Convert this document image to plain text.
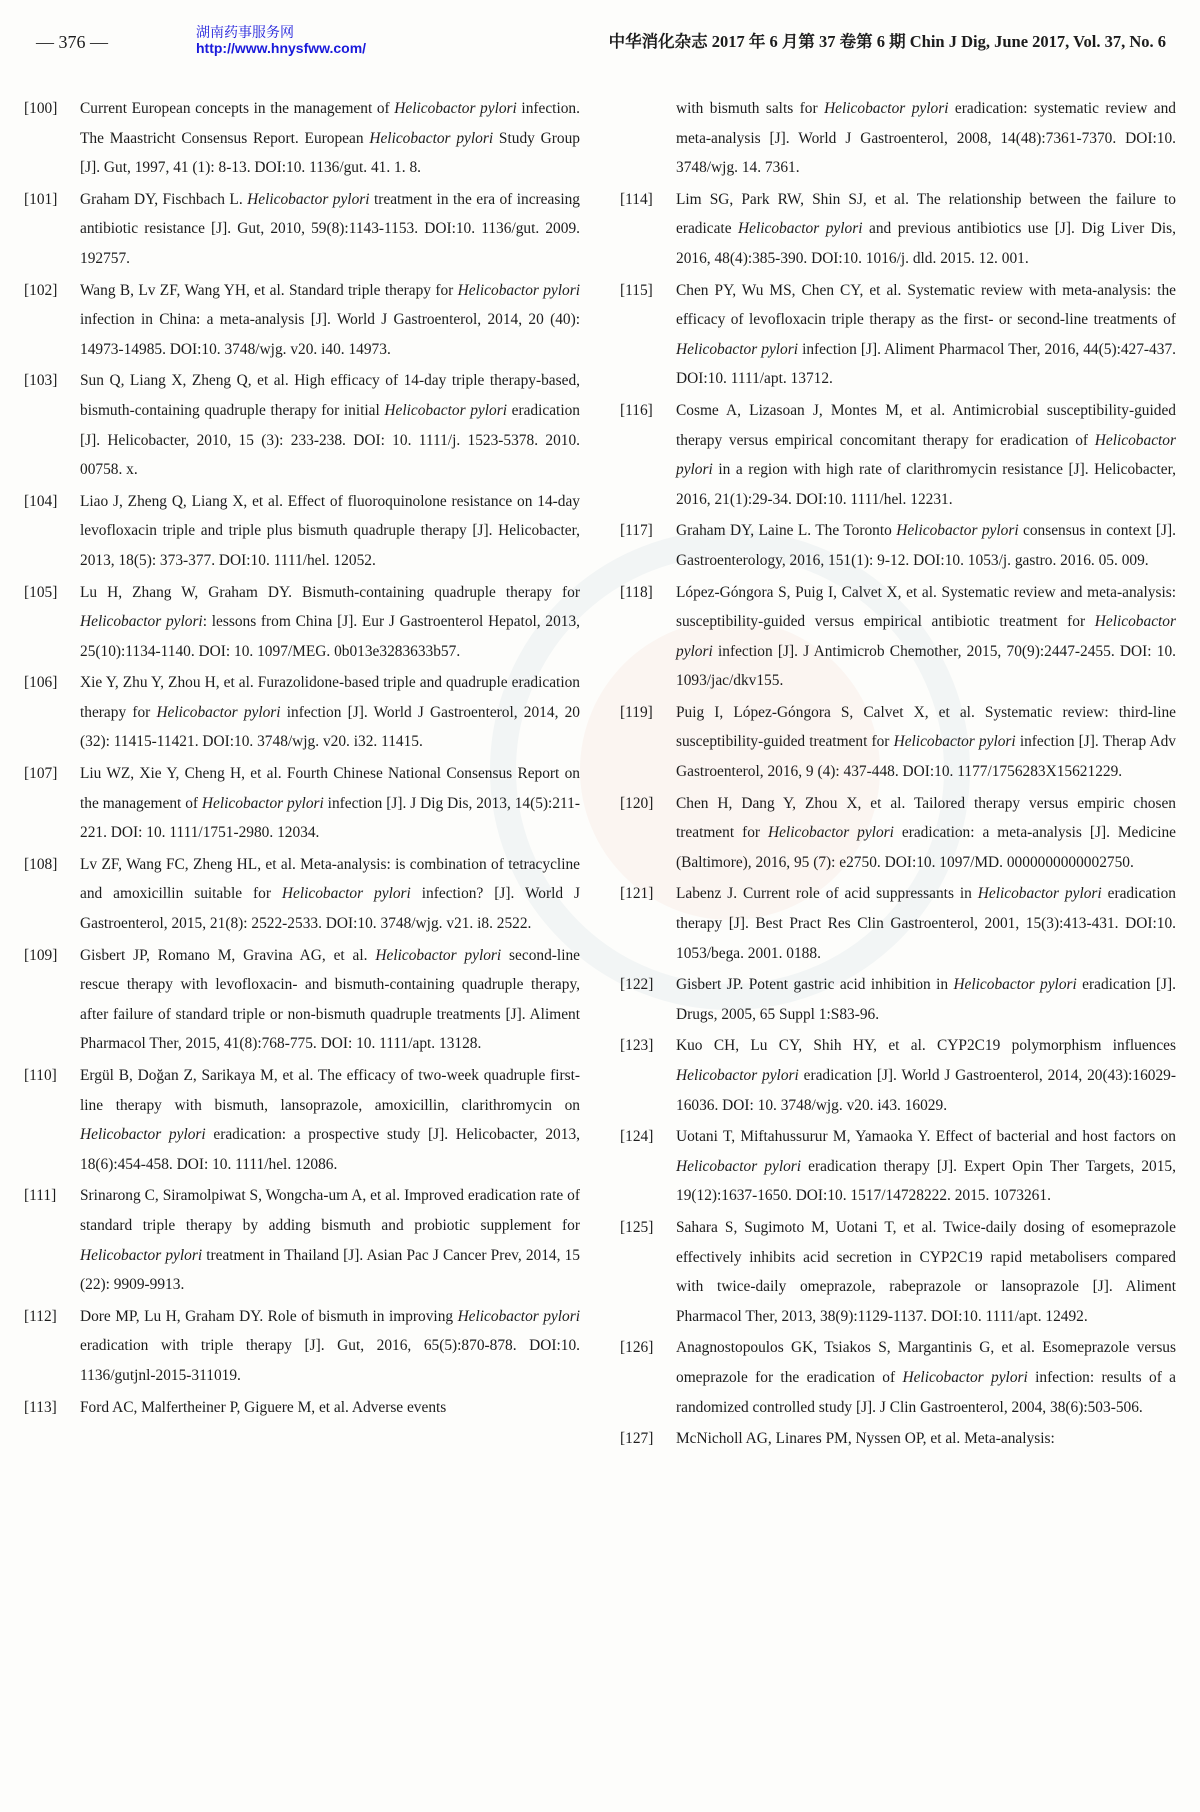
— 376 —	湖南药事服务网
http://www.hnysfww.com/	中华消化杂志 2017 年 6 月第 37 卷第 6 期 Chin J Dig, June 2017, Vol. 37, No. 6
[100] Current European concepts in the management of Helicobactor pylori infection. The Maastricht Consensus Report. European Helicobactor pylori Study Group [J]. Gut, 1997, 41 (1): 8-13. DOI:10. 1136/gut. 41. 1. 8.
[101] Graham DY, Fischbach L. Helicobactor pylori treatment in the era of increasing antibiotic resistance [J]. Gut, 2010, 59(8):1143-1153. DOI:10. 1136/gut. 2009. 192757.
[102] Wang B, Lv ZF, Wang YH, et al. Standard triple therapy for Helicobactor pylori infection in China: a meta-analysis [J]. World J Gastroenterol, 2014, 20 (40): 14973-14985. DOI:10. 3748/wjg. v20. i40. 14973.
[103] Sun Q, Liang X, Zheng Q, et al. High efficacy of 14-day triple therapy-based, bismuth-containing quadruple therapy for initial Helicobactor pylori eradication [J]. Helicobacter, 2010, 15 (3): 233-238. DOI: 10. 1111/j. 1523-5378. 2010. 00758. x.
[104] Liao J, Zheng Q, Liang X, et al. Effect of fluoroquinolone resistance on 14-day levofloxacin triple and triple plus bismuth quadruple therapy [J]. Helicobacter, 2013, 18(5): 373-377. DOI:10. 1111/hel. 12052.
[105] Lu H, Zhang W, Graham DY. Bismuth-containing quadruple therapy for Helicobactor pylori: lessons from China [J]. Eur J Gastroenterol Hepatol, 2013, 25(10):1134-1140. DOI: 10. 1097/MEG. 0b013e3283633b57.
[106] Xie Y, Zhu Y, Zhou H, et al. Furazolidone-based triple and quadruple eradication therapy for Helicobactor pylori infection [J]. World J Gastroenterol, 2014, 20 (32): 11415-11421. DOI:10. 3748/wjg. v20. i32. 11415.
[107] Liu WZ, Xie Y, Cheng H, et al. Fourth Chinese National Consensus Report on the management of Helicobactor pylori infection [J]. J Dig Dis, 2013, 14(5):211-221. DOI: 10. 1111/1751-2980. 12034.
[108] Lv ZF, Wang FC, Zheng HL, et al. Meta-analysis: is combination of tetracycline and amoxicillin suitable for Helicobactor pylori infection? [J]. World J Gastroenterol, 2015, 21(8): 2522-2533. DOI:10. 3748/wjg. v21. i8. 2522.
[109] Gisbert JP, Romano M, Gravina AG, et al. Helicobactor pylori second-line rescue therapy with levofloxacin- and bismuth-containing quadruple therapy, after failure of standard triple or non-bismuth quadruple treatments [J]. Aliment Pharmacol Ther, 2015, 41(8):768-775. DOI: 10. 1111/apt. 13128.
[110] Ergül B, Doğan Z, Sarikaya M, et al. The efficacy of two-week quadruple first-line therapy with bismuth, lansoprazole, amoxicillin, clarithromycin on Helicobactor pylori eradication: a prospective study [J]. Helicobacter, 2013, 18(6):454-458. DOI: 10. 1111/hel. 12086.
[111] Srinarong C, Siramolpiwat S, Wongcha-um A, et al. Improved eradication rate of standard triple therapy by adding bismuth and probiotic supplement for Helicobactor pylori treatment in Thailand [J]. Asian Pac J Cancer Prev, 2014, 15 (22): 9909-9913.
[112] Dore MP, Lu H, Graham DY. Role of bismuth in improving Helicobactor pylori eradication with triple therapy [J]. Gut, 2016, 65(5):870-878. DOI:10. 1136/gutjnl-2015-311019.
[113] Ford AC, Malfertheiner P, Giguere M, et al. Adverse events
with bismuth salts for Helicobactor pylori eradication: systematic review and meta-analysis [J]. World J Gastroenterol, 2008, 14(48):7361-7370. DOI:10. 3748/wjg. 14. 7361.
[114] Lim SG, Park RW, Shin SJ, et al. The relationship between the failure to eradicate Helicobactor pylori and previous antibiotics use [J]. Dig Liver Dis, 2016, 48(4):385-390. DOI:10. 1016/j. dld. 2015. 12. 001.
[115] Chen PY, Wu MS, Chen CY, et al. Systematic review with meta-analysis: the efficacy of levofloxacin triple therapy as the first- or second-line treatments of Helicobactor pylori infection [J]. Aliment Pharmacol Ther, 2016, 44(5):427-437. DOI:10. 1111/apt. 13712.
[116] Cosme A, Lizasoan J, Montes M, et al. Antimicrobial susceptibility-guided therapy versus empirical concomitant therapy for eradication of Helicobactor pylori in a region with high rate of clarithromycin resistance [J]. Helicobacter, 2016, 21(1):29-34. DOI:10. 1111/hel. 12231.
[117] Graham DY, Laine L. The Toronto Helicobactor pylori consensus in context [J]. Gastroenterology, 2016, 151(1): 9-12. DOI:10. 1053/j. gastro. 2016. 05. 009.
[118] López-Góngora S, Puig I, Calvet X, et al. Systematic review and meta-analysis: susceptibility-guided versus empirical antibiotic treatment for Helicobactor pylori infection [J]. J Antimicrob Chemother, 2015, 70(9):2447-2455. DOI: 10. 1093/jac/dkv155.
[119] Puig I, López-Góngora S, Calvet X, et al. Systematic review: third-line susceptibility-guided treatment for Helicobactor pylori infection [J]. Therap Adv Gastroenterol, 2016, 9 (4): 437-448. DOI:10. 1177/1756283X15621229.
[120] Chen H, Dang Y, Zhou X, et al. Tailored therapy versus empiric chosen treatment for Helicobactor pylori eradication: a meta-analysis [J]. Medicine (Baltimore), 2016, 95 (7): e2750. DOI:10. 1097/MD. 0000000000002750.
[121] Labenz J. Current role of acid suppressants in Helicobactor pylori eradication therapy [J]. Best Pract Res Clin Gastroenterol, 2001, 15(3):413-431. DOI:10. 1053/bega. 2001. 0188.
[122] Gisbert JP. Potent gastric acid inhibition in Helicobactor pylori eradication [J]. Drugs, 2005, 65 Suppl 1:S83-96.
[123] Kuo CH, Lu CY, Shih HY, et al. CYP2C19 polymorphism influences Helicobactor pylori eradication [J]. World J Gastroenterol, 2014, 20(43):16029-16036. DOI: 10. 3748/wjg. v20. i43. 16029.
[124] Uotani T, Miftahussurur M, Yamaoka Y. Effect of bacterial and host factors on Helicobactor pylori eradication therapy [J]. Expert Opin Ther Targets, 2015, 19(12):1637-1650. DOI:10. 1517/14728222. 2015. 1073261.
[125] Sahara S, Sugimoto M, Uotani T, et al. Twice-daily dosing of esomeprazole effectively inhibits acid secretion in CYP2C19 rapid metabolisers compared with twice-daily omeprazole, rabeprazole or lansoprazole [J]. Aliment Pharmacol Ther, 2013, 38(9):1129-1137. DOI:10. 1111/apt. 12492.
[126] Anagnostopoulos GK, Tsiakos S, Margantinis G, et al. Esomeprazole versus omeprazole for the eradication of Helicobactor pylori infection: results of a randomized controlled study [J]. J Clin Gastroenterol, 2004, 38(6):503-506.
[127] McNicholl AG, Linares PM, Nyssen OP, et al. Meta-analysis:
